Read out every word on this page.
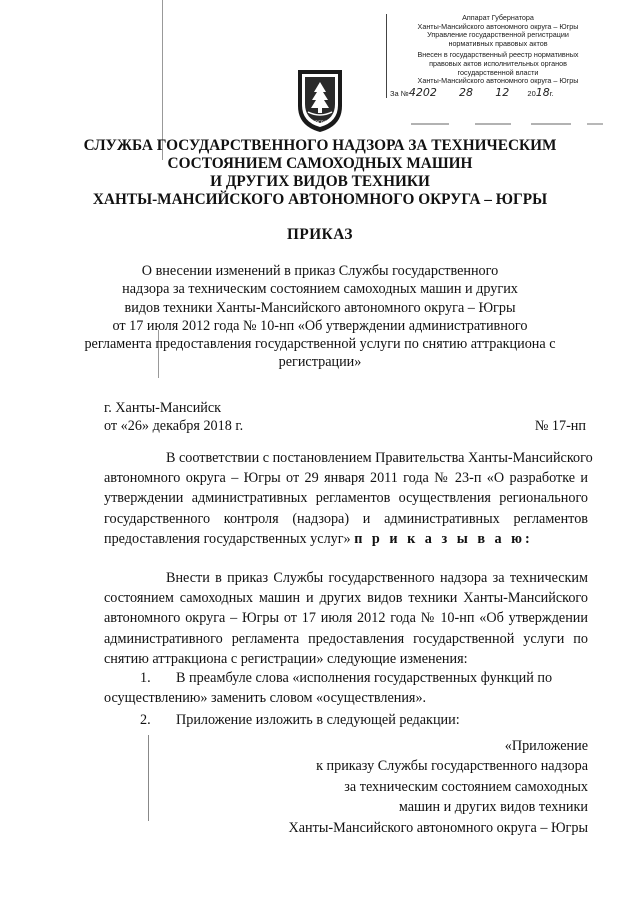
Аппарат Губернатора
Ханты-Мансийского автономного округа – Югры
Управление государственной регистрации
нормативных правовых актов
Внесен в государственный реестр нормативных
правовых актов исполнительных органов
государственной власти
Ханты-Мансийского автономного округа – Югры
За №4202 28 12 2018г.
ЮГРА
СЛУЖБА ГОСУДАРСТВЕННОГО НАДЗОРА ЗА ТЕХНИЧЕСКИМ
СОСТОЯНИЕМ САМОХОДНЫХ МАШИН
И ДРУГИХ ВИДОВ ТЕХНИКИ
ХАНТЫ-МАНСИЙСКОГО АВТОНОМНОГО ОКРУГА – ЮГРЫ
ПРИКАЗ
О внесении изменений в приказ Службы государственного
надзора за техническим состоянием самоходных машин и других
видов техники Ханты-Мансийского автономного округа – Югры
от 17 июля 2012 года № 10-нп «Об утверждении административного
регламента предоставления государственной услуги по снятию аттракциона с
регистрации»
г. Ханты-Мансийск
от «26» декабря 2018 г.	№ 17-нп
В соответствии с постановлением Правительства Ханты-Мансийского
автономного округа – Югры от 29 января 2011 года № 23-п «О разработке и
утверждении административных регламентов осуществления регионального
государственного контроля (надзора) и административных регламентов
предоставления государственных услуг» п р и к а з ы в а ю:
Внести в приказ Службы государственного надзора за техническим
состоянием самоходных машин и других видов техники Ханты-Мансийского
автономного округа – Югры от 17 июля 2012 года № 10-нп «Об утверждении
административного регламента предоставления государственной услуги по
снятию аттракциона с регистрации» следующие изменения:
1. В преамбуле слова «исполнения государственных функций по
осуществлению» заменить словом «осуществления».
2. Приложение изложить в следующей редакции:
«Приложение
к приказу Службы государственного надзора
за техническим состоянием самоходных
машин и других видов техники
Ханты-Мансийского автономного округа – Югры
